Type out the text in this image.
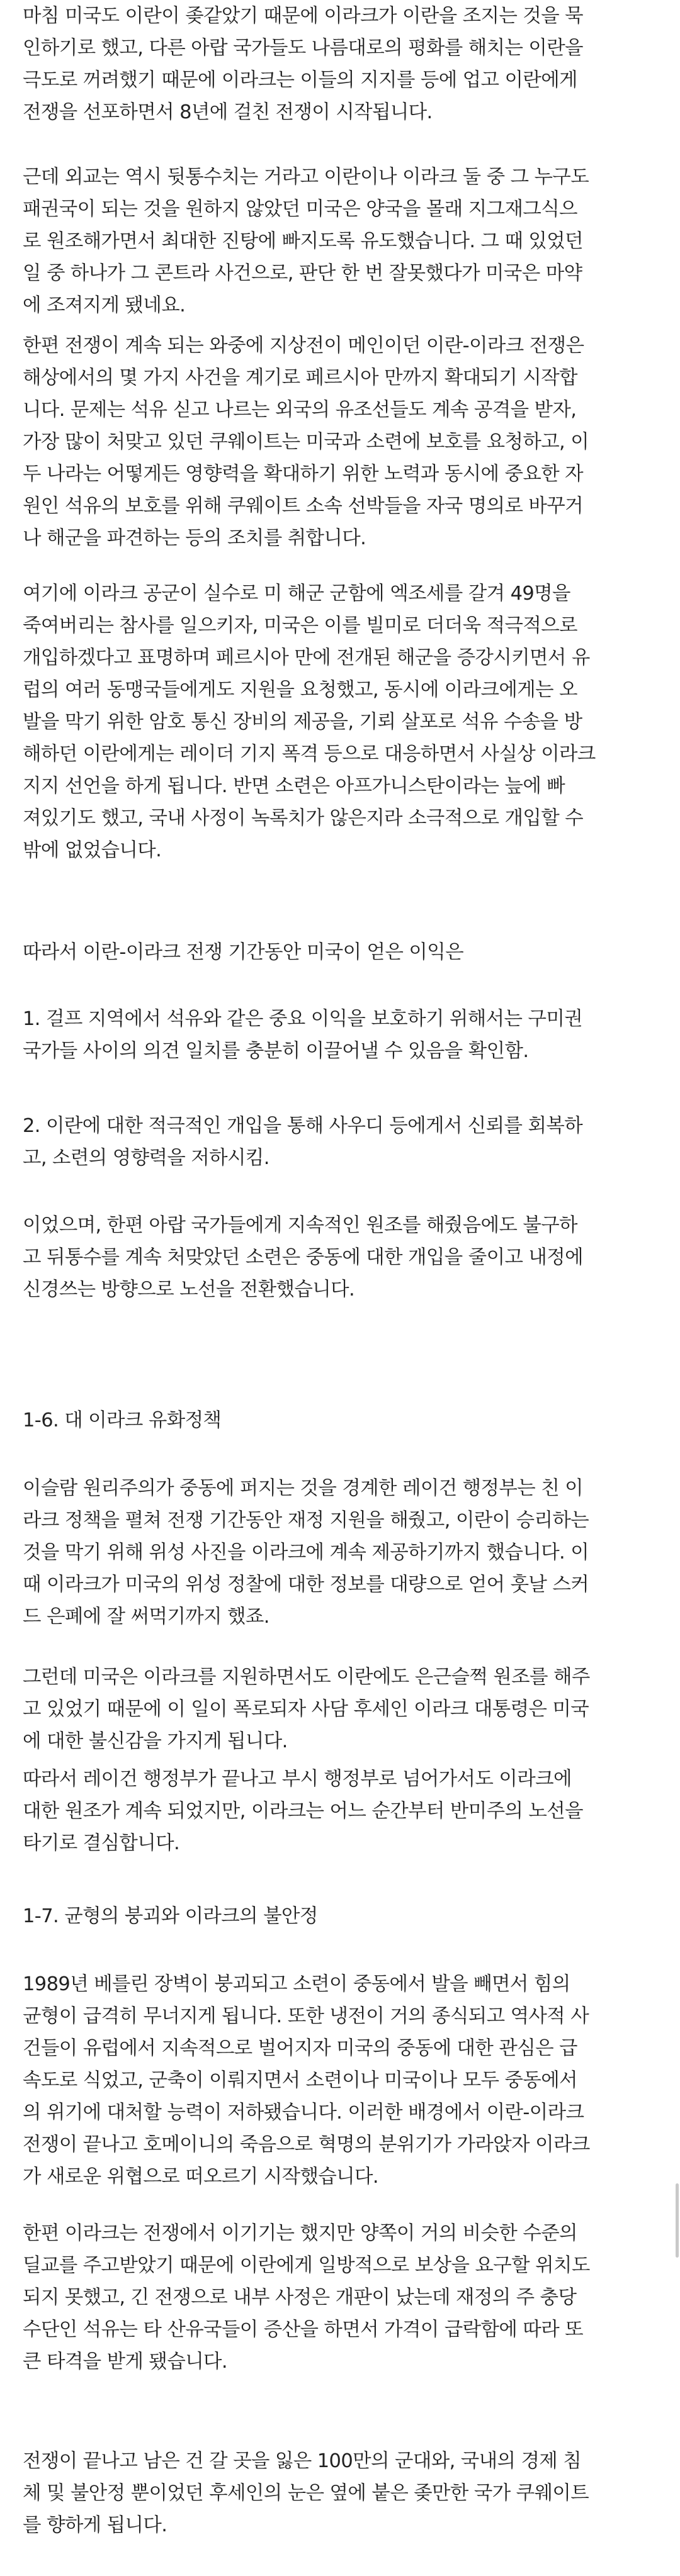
마침 미국도 이란이 좆같았기 때문에 이라크가 이란을 조지는 것을 묵
인하기로 했고, 다른 아랍 국가들도 나름대로의 평화를 해치는 이란을
극도로 꺼려했기 때문에 이라크는 이들의 지지를 등에 업고 이란에게
전쟁을 선포하면서 8년에 걸친 전쟁이 시작됩니다.

근데 외교는 역시 뒷통수치는 거라고 이란이나 이라크 둘 중 그 누구도
패권국이 되는 것을 원하지 않았던 미국은 양국을 몰래 지그재그식으
로 원조해가면서 최대한 진탕에 빠지도록 유도했습니다. 그 때 있었던
일 중 하나가 그 콘트라 사건으로, 판단 한 번 잘못했다가 미국은 마약
에 조져지게 됐네요.

한편 전쟁이 계속 되는 와중에 지상전이 메인이던 이란-이라크 전쟁은
해상에서의 몇 가지 사건을 계기로 페르시아 만까지 확대되기 시작합
니다. 문제는 석유 싣고 나르는 외국의 유조선들도 계속 공격을 받자,
가장 많이 처맞고 있던 쿠웨이트는 미국과 소련에 보호를 요청하고, 이
두 나라는 어떻게든 영향력을 확대하기 위한 노력과 동시에 중요한 자
원인 석유의 보호를 위해 쿠웨이트 소속 선박들을 자국 명의로 바꾸거
나 해군을 파견하는 등의 조치를 취합니다.

여기에 이라크 공군이 실수로 미 해군 군함에 엑조세를 갈겨 49명을
죽여버리는 참사를 일으키자, 미국은 이를 빌미로 더더욱 적극적으로
개입하겠다고 표명하며 페르시아 만에 전개된 해군을 증강시키면서 유
럽의 여러 동맹국들에게도 지원을 요청했고, 동시에 이라크에게는 오
발을 막기 위한 암호 통신 장비의 제공을, 기뢰 살포로 석유 수송을 방
해하던 이란에게는 레이더 기지 폭격 등으로 대응하면서 사실상 이라크
지지 선언을 하게 됩니다. 반면 소련은 아프가니스탄이라는 늪에 빠
져있기도 했고, 국내 사정이 녹록치가 않은지라 소극적으로 개입할 수
밖에 없었습니다.

따라서 이란-이라크 전쟁 기간동안 미국이 얻은 이익은

1. 걸프 지역에서 석유와 같은 중요 이익을 보호하기 위해서는 구미권
국가들 사이의 의견 일치를 충분히 이끌어낼 수 있음을 확인함.

2. 이란에 대한 적극적인 개입을 통해 사우디 등에게서 신뢰를 회복하
고, 소련의 영향력을 저하시킴.

이었으며, 한편 아랍 국가들에게 지속적인 원조를 해줬음에도 불구하
고 뒤통수를 계속 처맞았던 소련은 중동에 대한 개입을 줄이고 내정에
신경쓰는 방향으로 노선을 전환했습니다.

1-6. 대 이라크 유화정책

이슬람 원리주의가 중동에 퍼지는 것을 경계한 레이건 행정부는 친 이
라크 정책을 펼쳐 전쟁 기간동안 재정 지원을 해줬고, 이란이 승리하는
것을 막기 위해 위성 사진을 이라크에 계속 제공하기까지 했습니다. 이
때 이라크가 미국의 위성 정찰에 대한 정보를 대량으로 얻어 훗날 스커
드 은폐에 잘 써먹기까지 했죠.

그런데 미국은 이라크를 지원하면서도 이란에도 은근슬쩍 원조를 해주
고 있었기 때문에 이 일이 폭로되자 사담 후세인 이라크 대통령은 미국
에 대한 불신감을 가지게 됩니다.

따라서 레이건 행정부가 끝나고 부시 행정부로 넘어가서도 이라크에
대한 원조가 계속 되었지만, 이라크는 어느 순간부터 반미주의 노선을
타기로 결심합니다.

1-7. 균형의 붕괴와 이라크의 불안정

1989년 베를린 장벽이 붕괴되고 소련이 중동에서 발을 빼면서 힘의
균형이 급격히 무너지게 됩니다. 또한 냉전이 거의 종식되고 역사적 사
건들이 유럽에서 지속적으로 벌어지자 미국의 중동에 대한 관심은 급
속도로 식었고, 군축이 이뤄지면서 소련이나 미국이나 모두 중동에서
의 위기에 대처할 능력이 저하됐습니다. 이러한 배경에서 이란-이라크
전쟁이 끝나고 호메이니의 죽음으로 혁명의 분위기가 가라앉자 이라크
가 새로운 위협으로 떠오르기 시작했습니다.

한편 이라크는 전쟁에서 이기기는 했지만 양쪽이 거의 비슷한 수준의
딜교를 주고받았기 때문에 이란에게 일방적으로 보상을 요구할 위치도
되지 못했고, 긴 전쟁으로 내부 사정은 개판이 났는데 재정의 주 충당
수단인 석유는 타 산유국들이 증산을 하면서 가격이 급락함에 따라 또
큰 타격을 받게 됐습니다.

전쟁이 끝나고 남은 건 갈 곳을 잃은 100만의 군대와, 국내의 경제 침
체 및 불안정 뿐이었던 후세인의 눈은 옆에 붙은 좆만한 국가 쿠웨이트
를 향하게 됩니다.
